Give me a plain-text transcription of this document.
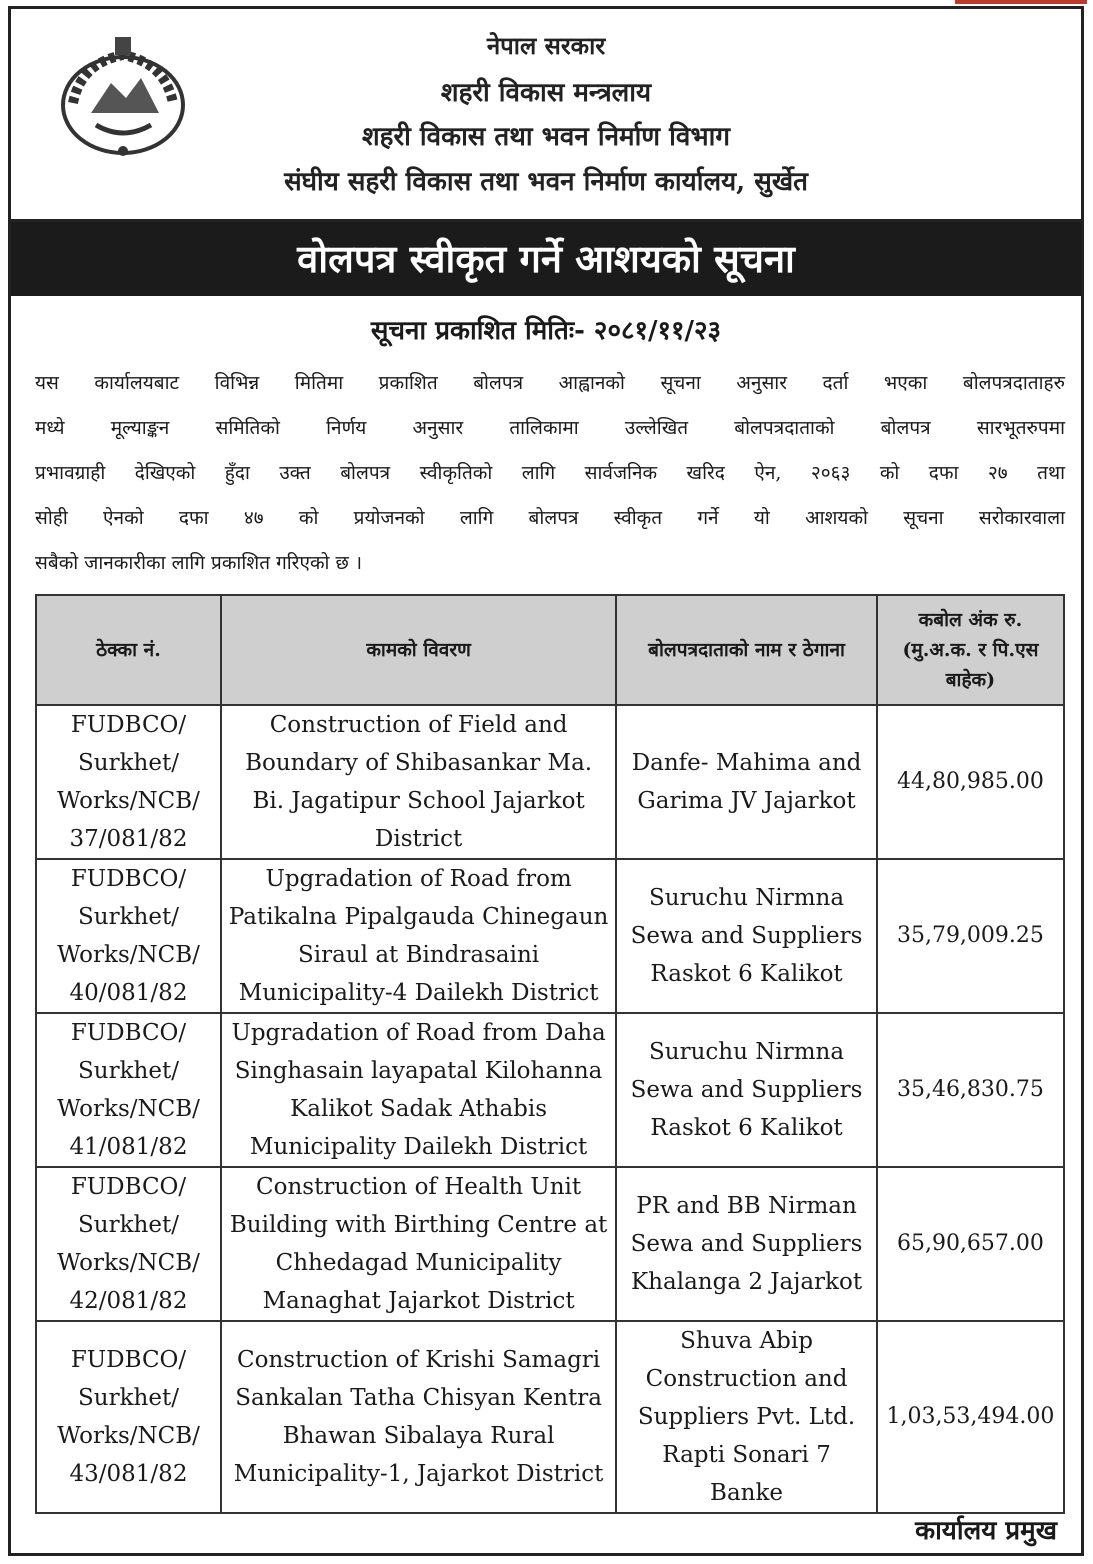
नेपाल सरकार
शहरी विकास मन्त्रलाय
शहरी विकास तथा भवन निर्माण विभाग
संघीय सहरी विकास तथा भवन निर्माण कार्यालय, सुर्खेत
वोलपत्र स्वीकृत गर्ने आशयको सूचना
सूचना प्रकाशित मितिः- २०८१/११/२३
यस कार्यालयबाट विभिन्न मितिमा प्रकाशित बोलपत्र आह्वानको सूचना अनुसार दर्ता भएका बोलपत्रदाताहरु
मध्ये मूल्याङ्कन समितिको निर्णय अनुसार तालिकामा उल्लेखित बोलपत्रदाताको बोलपत्र सारभूतरुपमा
प्रभावग्राही देखिएको हुँदा उक्त बोलपत्र स्वीकृतिको लागि सार्वजनिक खरिद ऐन, २०६३ को दफा २७ तथा
सोही ऐनको दफा ४७ को प्रयोजनको लागि बोलपत्र स्वीकृत गर्ने यो आशयको सूचना सरोकारवाला
सबैको जानकारीका लागि प्रकाशित गरिएको छ ।
ठेक्का नं.	कामको विवरण	बोलपत्रदाताको नाम र ठेगाना	कबोल अंक रु. (मु.अ.क. र पि.एस बाहेक)
FUDBCO/ Surkhet/ Works/NCB/ 37/081/82	Construction of Field and Boundary of Shibasankar Ma. Bi. Jagatipur School Jajarkot District	Danfe- Mahima and Garima JV Jajarkot	44,80,985.00
FUDBCO/ Surkhet/ Works/NCB/ 40/081/82	Upgradation of Road from Patikalna Pipalgauda Chinegaun Siraul at Bindrasaini Municipality-4 Dailekh District	Suruchu Nirmna Sewa and Suppliers Raskot 6 Kalikot	35,79,009.25
FUDBCO/ Surkhet/ Works/NCB/ 41/081/82	Upgradation of Road from Daha Singhasain layapatal Kilohanna Kalikot Sadak Athabis Municipality Dailekh District	Suruchu Nirmna Sewa and Suppliers Raskot 6 Kalikot	35,46,830.75
FUDBCO/ Surkhet/ Works/NCB/ 42/081/82	Construction of Health Unit Building with Birthing Centre at Chhedagad Municipality Managhat Jajarkot District	PR and BB Nirman Sewa and Suppliers Khalanga 2 Jajarkot	65,90,657.00
FUDBCO/ Surkhet/ Works/NCB/ 43/081/82	Construction of Krishi Samagri Sankalan Tatha Chisyan Kentra Bhawan Sibalaya Rural Municipality-1, Jajarkot District	Shuva Abip Construction and Suppliers Pvt. Ltd. Rapti Sonari 7 Banke	1,03,53,494.00
कार्यालय प्रमुख
